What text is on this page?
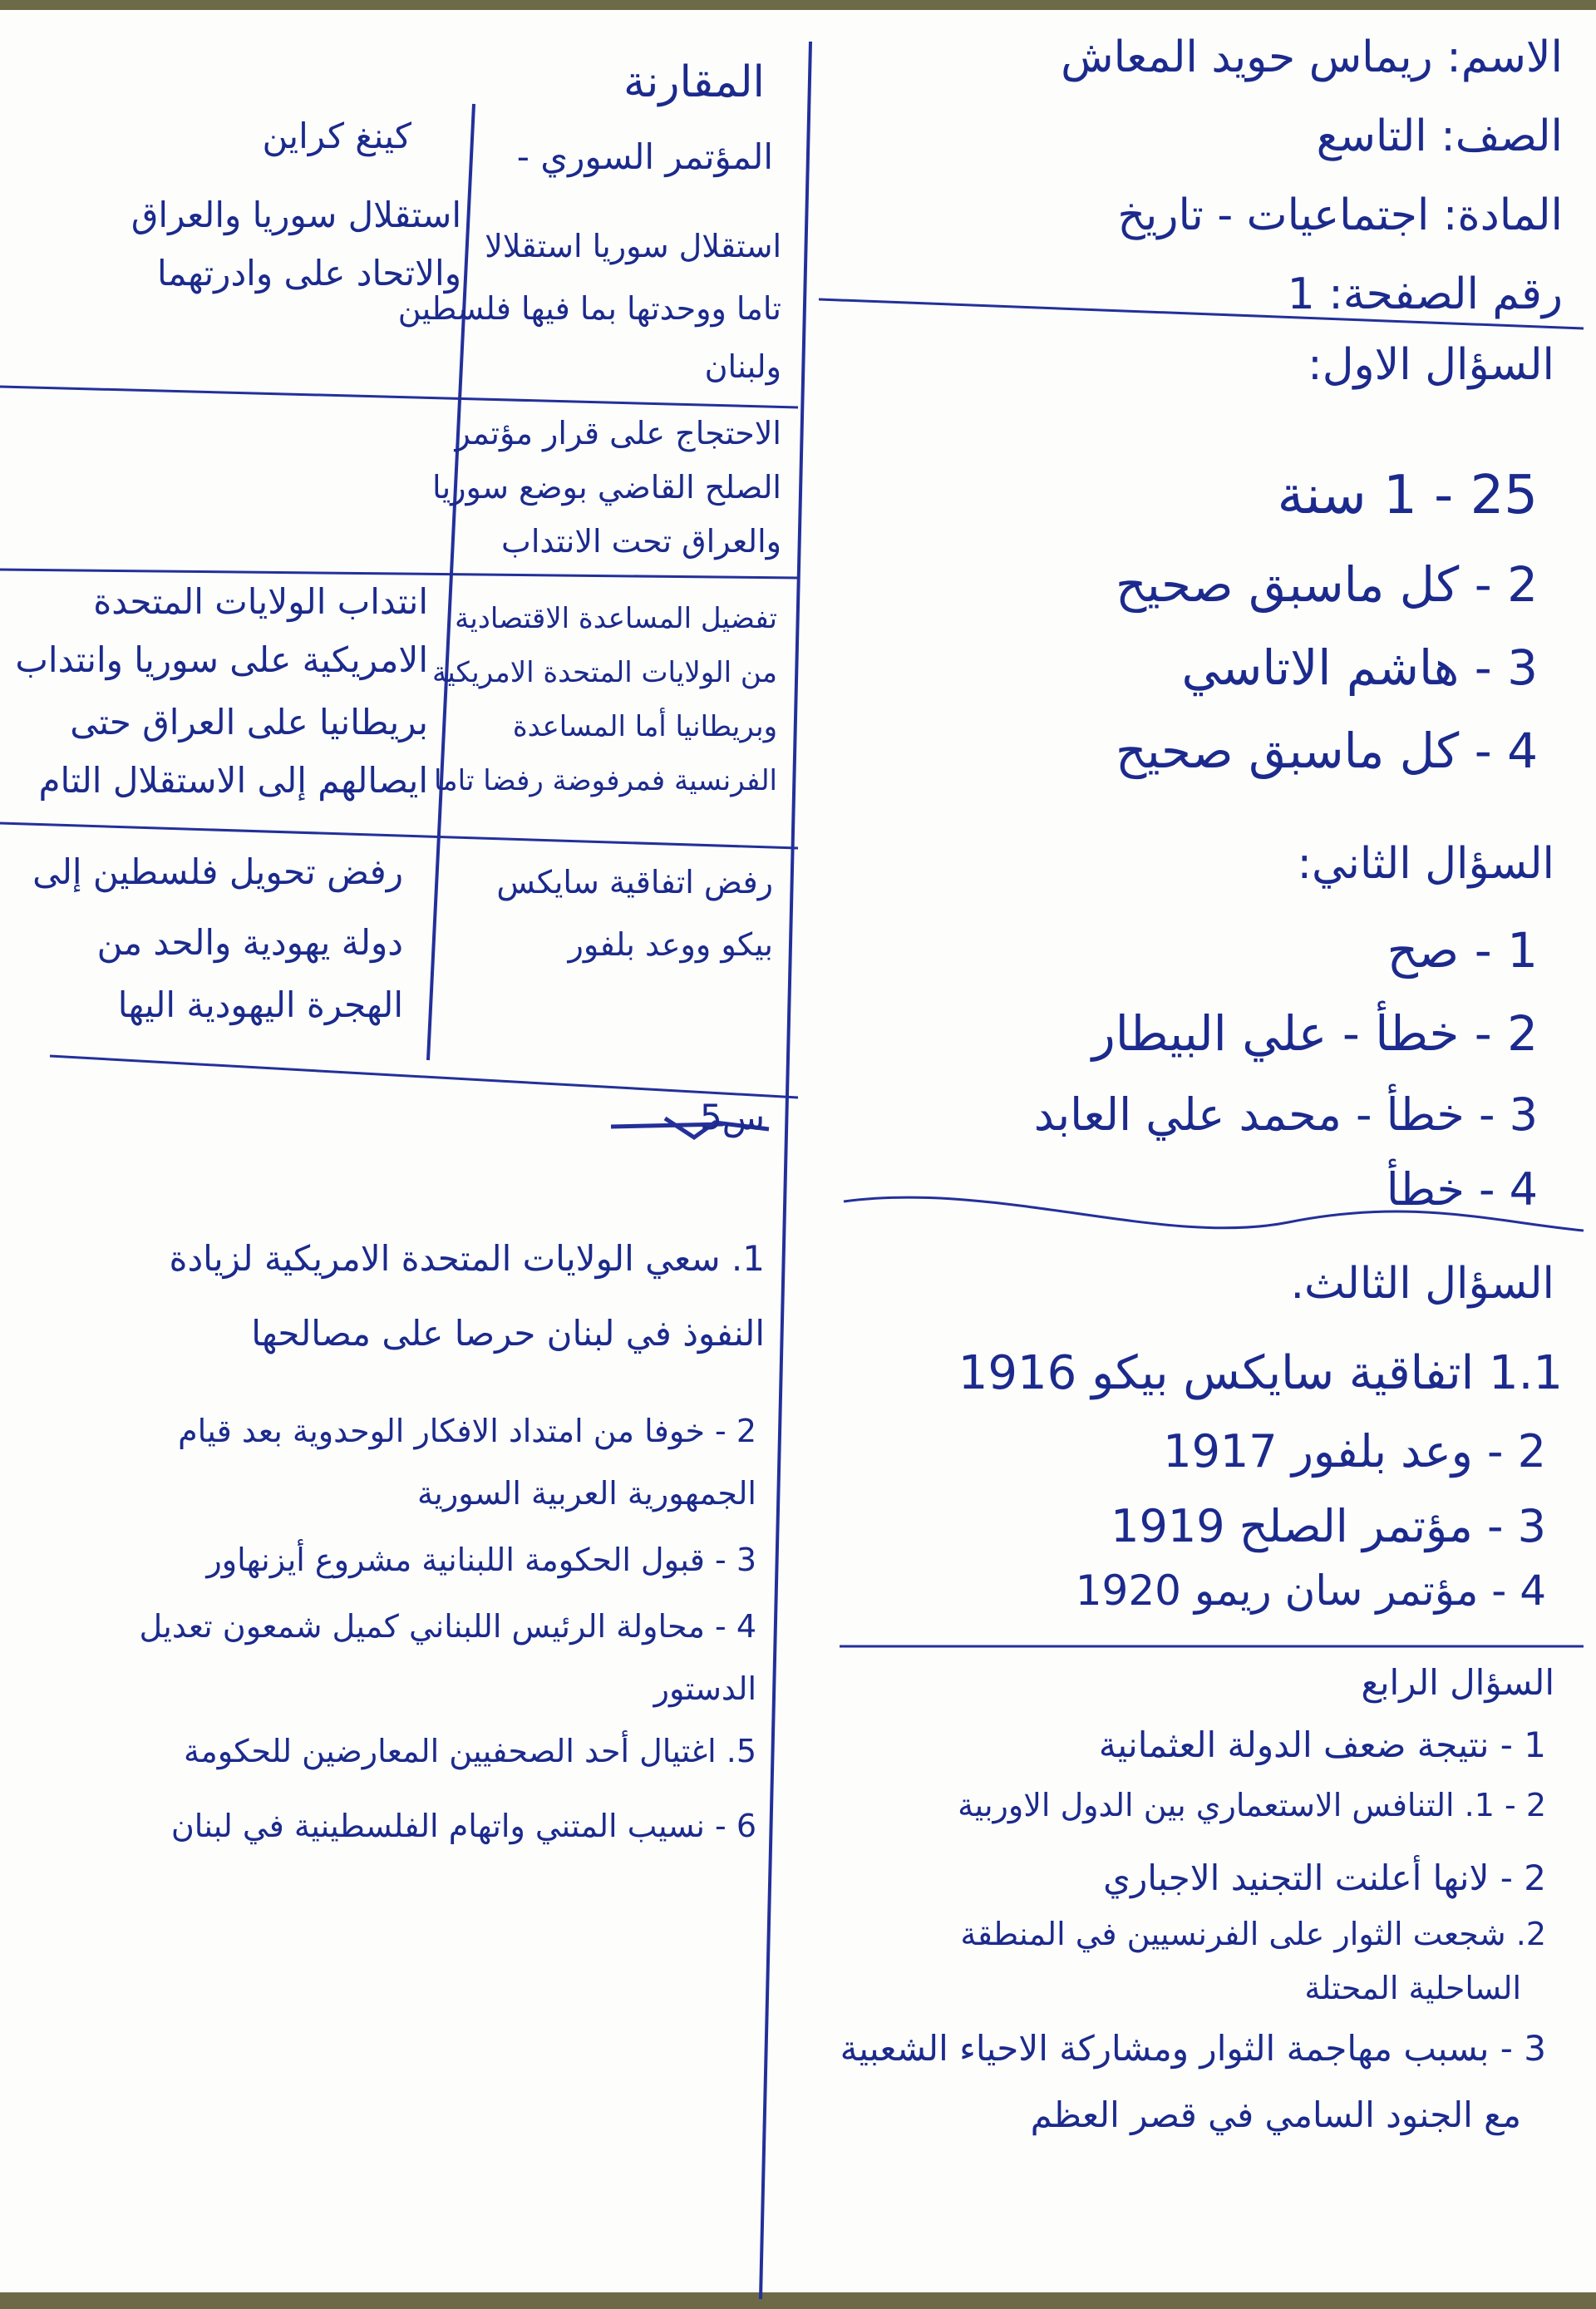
الاسم: ريماس حويد المعاش
الصف: التاسع
المادة: اجتماعيات - تاريخ
رقم الصفحة: 1
السؤال الاول:
25 - 1 سنة
2 - كل ماسبق صحيح
3 - هاشم الاتاسي
4 - كل ماسبق صحيح
السؤال الثاني:
1 - صح
2 - خطأ - علي البيطار
3 - خطأ - محمد علي العابد
4 - خطأ
السؤال الثالث.
1.1 اتفاقية سايكس بيكو 1916
2 - وعد بلفور 1917
3 - مؤتمر الصلح 1919
4 - مؤتمر سان ريمو 1920
السؤال الرابع
1 - نتيجة ضعف الدولة العثمانية
2 - 1. التنافس الاستعماري بين الدول الاوربية
2 - لانها أعلنت التجنيد الاجباري
2. شجعت الثوار على الفرنسيين في المنطقة
الساحلية المحتلة
3 - بسبب مهاجمة الثوار ومشاركة الاحياء الشعبية
مع الجنود السامي في قصر العظم
المقارنة
المؤتمر السوري -
كينغ كراين
استقلال سوريا استقلالا
تاما ووحدتها بما فيها فلسطين
ولبنان
استقلال سوريا والعراق
والاتحاد على وادرتهما
الاحتجاج على قرار مؤتمر
الصلح القاضي بوضع سوريا
والعراق تحت الانتداب
تفضيل المساعدة الاقتصادية
من الولايات المتحدة الامريكية
وبريطانيا أما المساعدة
الفرنسية فمرفوضة رفضا تاما
انتداب الولايات المتحدة
الامريكية على سوريا وانتداب
بريطانيا على العراق حتى
ايصالهم إلى الاستقلال التام
رفض اتفاقية سايكس
بيكو ووعد بلفور
رفض تحويل فلسطين إلى
دولة يهودية والحد من
الهجرة اليهودية اليها
س5
1. سعي الولايات المتحدة الامريكية لزيادة
النفوذ في لبنان حرصا على مصالحها
2 - خوفا من امتداد الافكار الوحدوية بعد قيام
الجمهورية العربية السورية
3 - قبول الحكومة اللبنانية مشروع أيزنهاور
4 - محاولة الرئيس اللبناني كميل شمعون تعديل
الدستور
5. اغتيال أحد الصحفيين المعارضين للحكومة
6 - نسيب المتني واتهام الفلسطينية في لبنان
